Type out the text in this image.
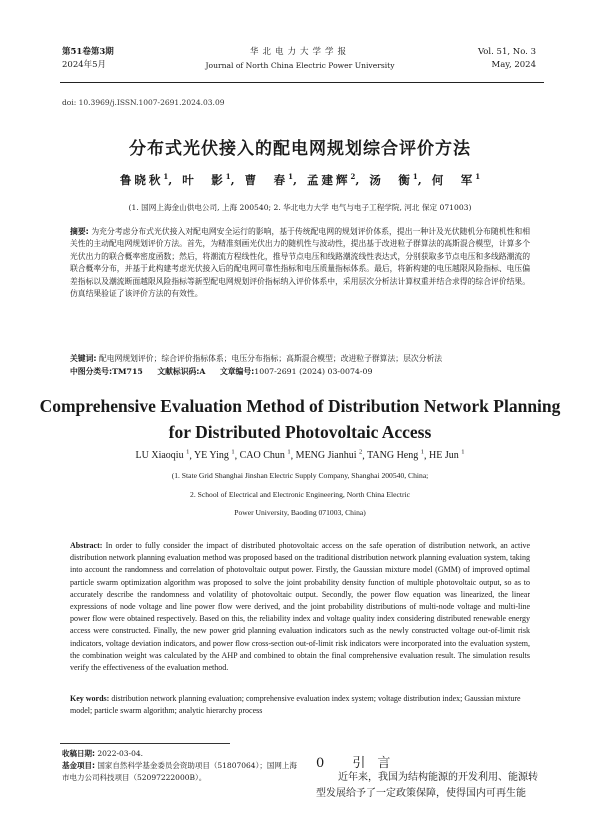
第51卷第3期
2024年5月
华北电力大学学报
Journal of North China Electric Power University
Vol. 51, No. 3
May, 2024
doi: 10.3969/j.ISSN.1007-2691.2024.03.09
分布式光伏接入的配电网规划综合评价方法
鲁晓秋$^1$, 叶　影$^1$, 曹　春$^1$, 孟建辉$^2$, 汤　衡$^1$, 何　军$^1$
(1. 国网上海金山供电公司, 上海 200540; 2. 华北电力大学 电气与电子工程学院, 河北 保定 071003)
摘要: 为充分考虑分布式光伏接入对配电网安全运行的影响，基于传统配电网的规划评价体系，提出一种计及光伏随机分布随机性和相关性的主动配电网规划评价方法。首先，为精准刻画光伏出力的随机性与波动性，提出基于改进粒子群算法的高斯混合模型，计算多个光伏出力的联合概率密度函数；然后，将潮流方程线性化，推导节点电压和线路潮流线性表达式，分别获取多节点电压和多线路潮流的联合概率分布，并基于此构建考虑光伏接入后的配电网可靠性指标和电压质量指标体系。最后，将新构建的电压越限风险指标、电压偏差指标以及潮流断面越限风险指标等新型配电网规划评价指标纳入评价体系中，采用层次分析法计算权重并结合求得的综合评价结果。仿真结果验证了该评价方法的有效性。
关键词: 配电网规划评价；综合评价指标体系；电压分布指标；高斯混合模型；改进粒子群算法；层次分析法
中图分类号:TM715 文献标识码:A 文章编号:1007-2691 (2024) 03-0074-09
Comprehensive Evaluation Method of Distribution Network Planning
for Distributed Photovoltaic Access
LU Xiaoqiu $^1$, YE Ying $^1$, CAO Chun $^1$, MENG Jianhui $^2$, TANG Heng $^1$, HE Jun $^1$
(1. State Grid Shanghai Jinshan Electric Supply Company, Shanghai 200540, China;
2. School of Electrical and Electronic Engineering, North China Electric
Power University, Baoding 071003, China)
Abstract: In order to fully consider the impact of distributed photovoltaic access on the safe operation of distribution network, an active distribution network planning evaluation method was proposed based on the traditional distribution network planning evaluation system, taking into account the randomness and correlation of photovoltaic output power. Firstly, the Gaussian mixture model (GMM) of improved optimal particle swarm optimization algorithm was proposed to solve the joint probability density function of multiple photovoltaic output, so as to accurately describe the randomness and volatility of photovoltaic output. Secondly, the power flow equation was linearized, the linear expressions of node voltage and line power flow were derived, and the joint probability distributions of multi-node voltage and multi-line power flow were obtained respectively. Based on this, the reliability index and voltage quality index considering distributed renewable energy access were constructed. Finally, the new power grid planning evaluation indicators such as the newly constructed voltage out-of-limit risk indicators, voltage deviation indicators, and power flow cross-section out-of-limit risk indicators were incorporated into the evaluation system, the combination weight was calculated by the AHP and combined to obtain the final comprehensive evaluation result. The simulation results verify the effectiveness of the evaluation method.
Key words: distribution network planning evaluation; comprehensive evaluation index system; voltage distribution index; Gaussian mixture model; particle swarm algorithm; analytic hierarchy process
收稿日期: 2022-03-04.
基金项目: 国家自然科学基金委员会资助项目（51807064）；国网上海市电力公司科技项目（52097222000B）。
0 引言
近年来，我国为结构能源的开发利用、能源转型发展给予了一定政策保障，使得国内可再生能
